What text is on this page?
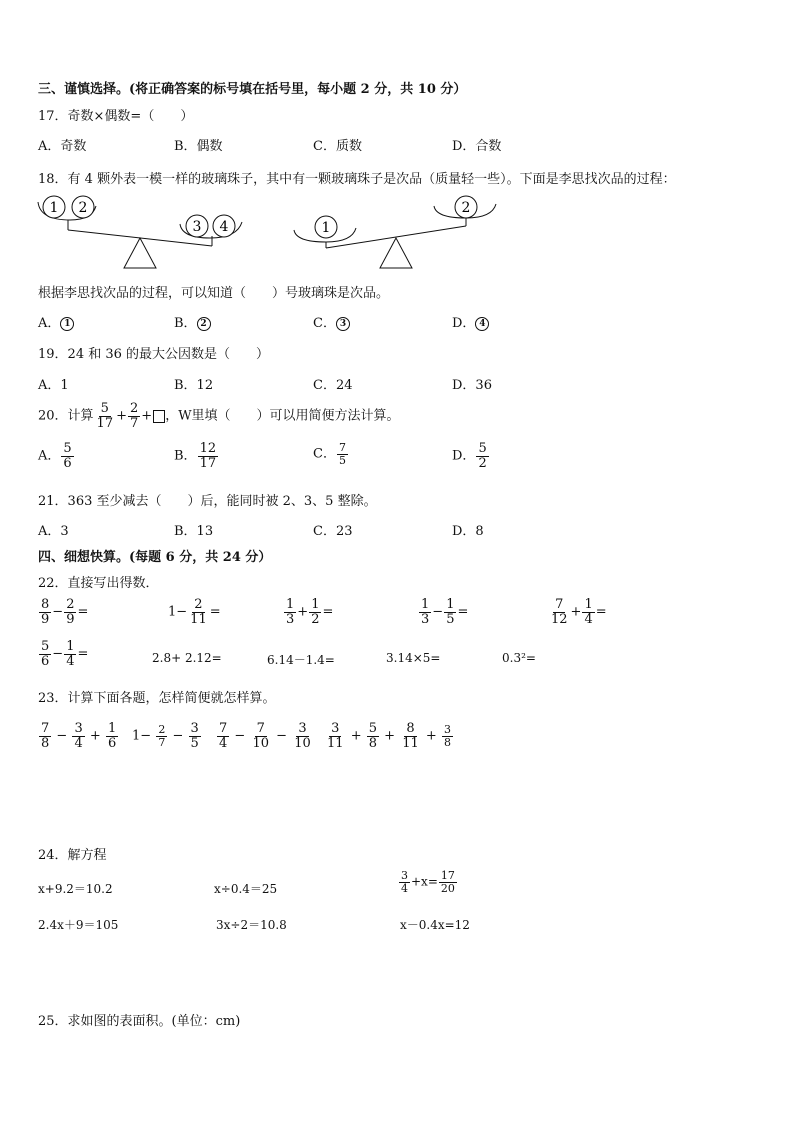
三、谨慎选择。(将正确答案的标号填在括号里，每小题 2 分，共 10 分）
17．奇数×偶数=（　　）
A．奇数	B．偶数	C．质数	D．合数
18．有 4 颗外表一模一样的玻璃珠子，其中有一颗玻璃珠子是次品（质量轻一些）。下面是李思找次品的过程：
1 2
3 4	1
2
根据李思找次品的过程，可以知道（　　）号玻璃珠是次品。
A． 1	B． 2	C． 3	D． 4
19．24 和 36 的最大公因数是（　　）
A．1	B．12	C．24	D．36
20．计算 $\frac{5}{17} + \frac{2}{7}$ + ，W里填（　　）可以用简便方法计算。
A． $\frac{5}{6}$	B． $\frac{12}{17}$	C． $\frac{7}{5}$	D． $\frac{5}{2}$
21．363 至少减去（　　）后，能同时被 2、3、5 整除。
A．3	B．13	C．23	D．8
四、细想快算。(每题 6 分，共 24 分）
22．直接写出得数．
$\frac{8}{9} - \frac{2}{9}$ =	$1- \frac{2}{11}$ =	$\frac{1}{3} + \frac{1}{2}$ =	$\frac{1}{3} - \frac{1}{5}$ =	$\frac{7}{12} + \frac{1}{4}$ =
$\frac{5}{6} - \frac{1}{4}$ =	2.8+ 2.12=	6.14－1.4=	3.14×5=	0.3²=
23．计算下面各题，怎样简便就怎样算。
$\frac{7}{8} - \frac{3}{4} + \frac{1}{6} 1- \frac{2}{7} - \frac{3}{5} \frac{7}{4} - \frac{7}{10} - \frac{3}{10} \frac{3}{11} + \frac{5}{8} + \frac{8}{11} + \frac{3}{8}$
24．解方程
x+9.2＝10.2	x÷0.4＝25	$\frac{3}{4} +x= \frac{17}{20}$
2.4x＋9＝105	3x÷2＝10.8	x－0.4x=12
25．求如图的表面积。(单位：cm)
